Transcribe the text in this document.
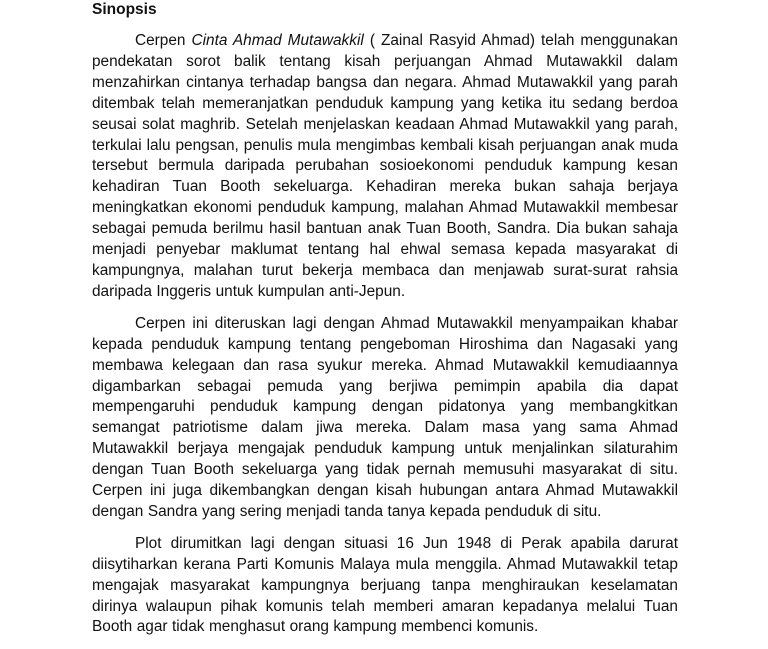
Sinopsis

Cerpen Cinta Ahmad Mutawakkil ( Zainal Rasyid Ahmad) telah menggunakan pendekatan sorot balik tentang kisah perjuangan Ahmad Mutawakkil dalam menzahirkan cintanya terhadap bangsa dan negara. Ahmad Mutawakkil yang parah ditembak telah memeranjatkan penduduk kampung yang ketika itu sedang berdoa seusai solat maghrib. Setelah menjelaskan keadaan Ahmad Mutawakkil yang parah, terkulai lalu pengsan, penulis mula mengimbas kembali kisah perjuangan anak muda tersebut bermula daripada perubahan sosioekonomi penduduk kampung kesan kehadiran Tuan Booth sekeluarga. Kehadiran mereka bukan sahaja berjaya meningkatkan ekonomi penduduk kampung, malahan Ahmad Mutawakkil membesar sebagai pemuda berilmu hasil bantuan anak Tuan Booth, Sandra. Dia bukan sahaja menjadi penyebar maklumat tentang hal ehwal semasa kepada masyarakat di kampungnya, malahan turut bekerja membaca dan menjawab surat-surat rahsia daripada Inggeris untuk kumpulan anti-Jepun.

Cerpen ini diteruskan lagi dengan Ahmad Mutawakkil menyampaikan khabar kepada penduduk kampung tentang pengeboman Hiroshima dan Nagasaki yang membawa kelegaan dan rasa syukur mereka. Ahmad Mutawakkil kemudiaannya digambarkan sebagai pemuda yang berjiwa pemimpin apabila dia dapat mempengaruhi penduduk kampung dengan pidatonya yang membangkitkan semangat patriotisme dalam jiwa mereka. Dalam masa yang sama Ahmad Mutawakkil berjaya mengajak penduduk kampung untuk menjalinkan silaturahim dengan Tuan Booth sekeluarga yang tidak pernah memusuhi masyarakat di situ. Cerpen ini juga dikembangkan dengan kisah hubungan antara Ahmad Mutawakkil dengan Sandra yang sering menjadi tanda tanya kepada penduduk di situ.

Plot dirumitkan lagi dengan situasi 16 Jun 1948 di Perak apabila darurat diisytiharkan kerana Parti Komunis Malaya mula menggila. Ahmad Mutawakkil tetap mengajak masyarakat kampungnya berjuang tanpa menghiraukan keselamatan dirinya walaupun pihak komunis telah memberi amaran kepadanya melalui Tuan Booth agar tidak menghasut orang kampung membenci komunis.
